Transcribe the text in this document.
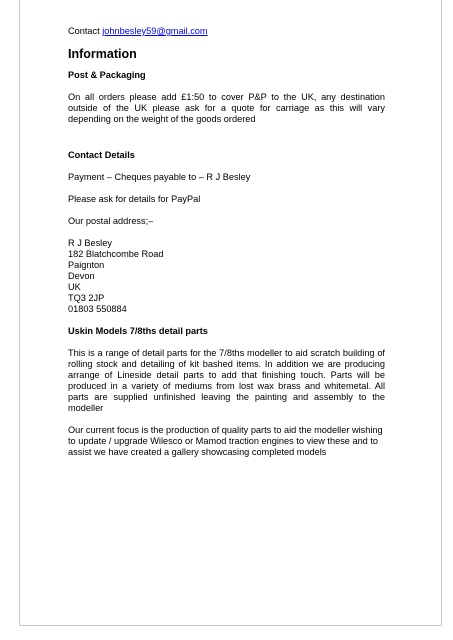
Contact johnbesley59@gmail.com

Information

Post & Packaging

On all orders please add £1:50 to cover P&P to the UK, any destination outside of the UK please ask for a quote for carriage as this will vary depending on the weight of the goods ordered

Contact Details

Payment – Cheques payable to – R J Besley

Please ask for details for PayPal

Our postal address;–

R J Besley
182 Blatchcombe Road
Paignton
Devon
UK
TQ3 2JP
01803 550884

Uskin Models 7/8ths detail parts

This is a range of detail parts for the 7/8ths modeller to aid scratch building of rolling stock and detailing of kit bashed items. In addition we are producing arrange of Lineside detail parts to add that finishing touch. Parts will be produced in a variety of mediums from lost wax brass and whitemetal. All parts are supplied unfinished leaving the painting and assembly to the modeller

Our current focus is the production of quality parts to aid the modeller wishing to update / upgrade Wilesco or Mamod traction engines to view these and to assist we have created a gallery showcasing completed models
